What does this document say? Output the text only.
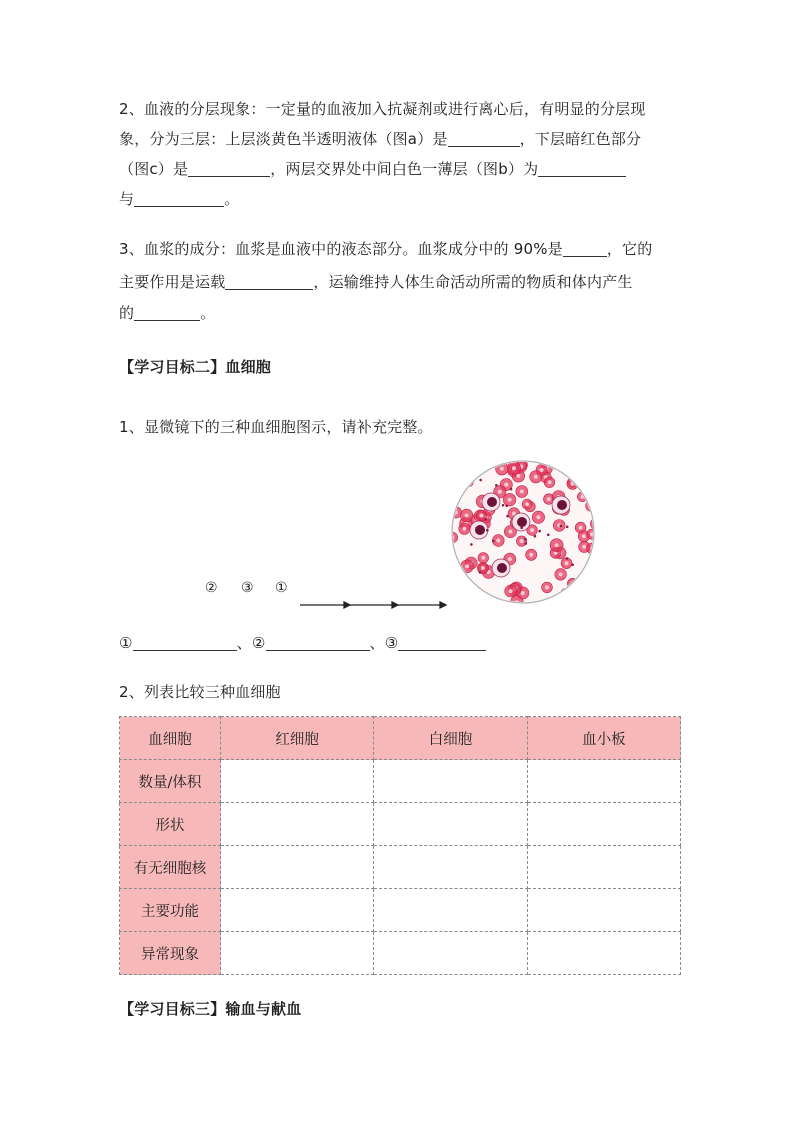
2、血液的分层现象：一定量的血液加入抗凝剂或进行离心后，有明显的分层现
象，分为三层：上层淡黄色半透明液体（图a）是	，下层暗红色部分
（图c）是	，两层交界处中间白色一薄层（图b）为
与	。
3、血浆的成分：血浆是血液中的液态部分。血浆成分中的 90%是	，它的
主要作用是运载	，运输维持人体生命活动所需的物质和体内产生
的	。
【学习目标二】血细胞
1、显微镜下的三种血细胞图示，请补充完整。
② ③ ①
①	、②	、③
2、列表比较三种血细胞
血细胞	红细胞	白细胞	血小板
数量/体积			
形状			
有无细胞核			
主要功能			
异常现象			
【学习目标三】输血与献血
